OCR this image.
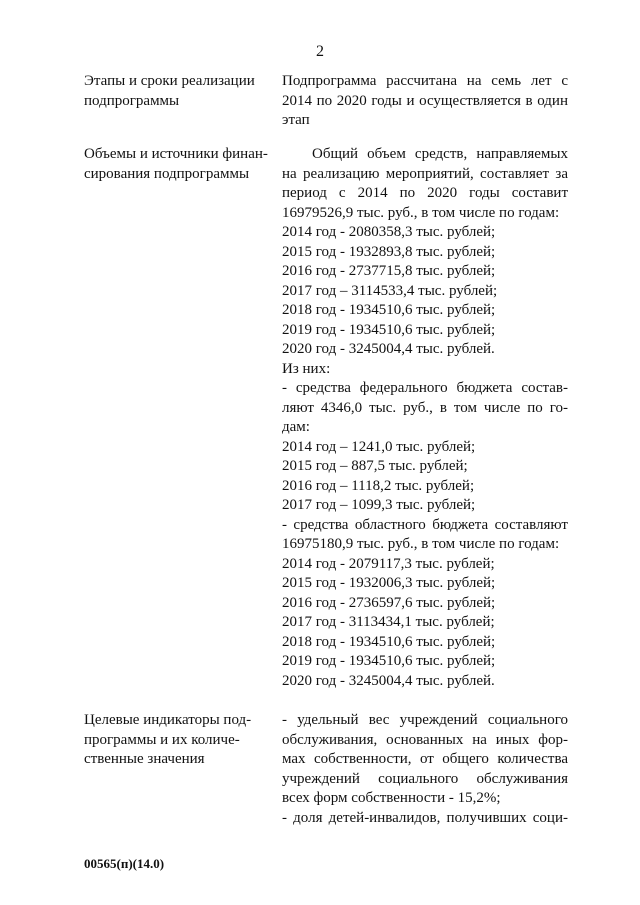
2
Этапы и сроки реализации
подпрограммы
Подпрограмма рассчитана на семь лет с
2014 по 2020 годы и осуществляется в один
этап
Объемы и источники финан-
сирования подпрограммы
Общий объем средств, направляемых
на реализацию мероприятий, составляет за
период с 2014 по 2020 годы составит
16979526,9 тыс. руб., в том числе по годам:
2014 год - 2080358,3 тыс. рублей;
2015 год - 1932893,8 тыс. рублей;
2016 год - 2737715,8 тыс. рублей;
2017 год – 3114533,4 тыс. рублей;
2018 год - 1934510,6 тыс. рублей;
2019 год - 1934510,6 тыс. рублей;
2020 год - 3245004,4 тыс. рублей.
Из них:
- средства федерального бюджета состав-
ляют 4346,0 тыс. руб., в том числе по го-
дам:
2014 год – 1241,0 тыс. рублей;
2015 год – 887,5 тыс. рублей;
2016 год – 1118,2 тыс. рублей;
2017 год – 1099,3 тыс. рублей;
- средства областного бюджета составляют
16975180,9 тыс. руб., в том числе по годам:
2014 год - 2079117,3 тыс. рублей;
2015 год - 1932006,3 тыс. рублей;
2016 год - 2736597,6 тыс. рублей;
2017 год - 3113434,1 тыс. рублей;
2018 год - 1934510,6 тыс. рублей;
2019 год - 1934510,6 тыс. рублей;
2020 год - 3245004,4 тыс. рублей.
Целевые индикаторы под-
программы и их количе-
ственные значения
- удельный вес учреждений социального
обслуживания, основанных на иных фор-
мах собственности, от общего количества
учреждений социального обслуживания
всех форм собственности - 15,2%;
- доля детей-инвалидов, получивших соци-
00565(п)(14.0)
